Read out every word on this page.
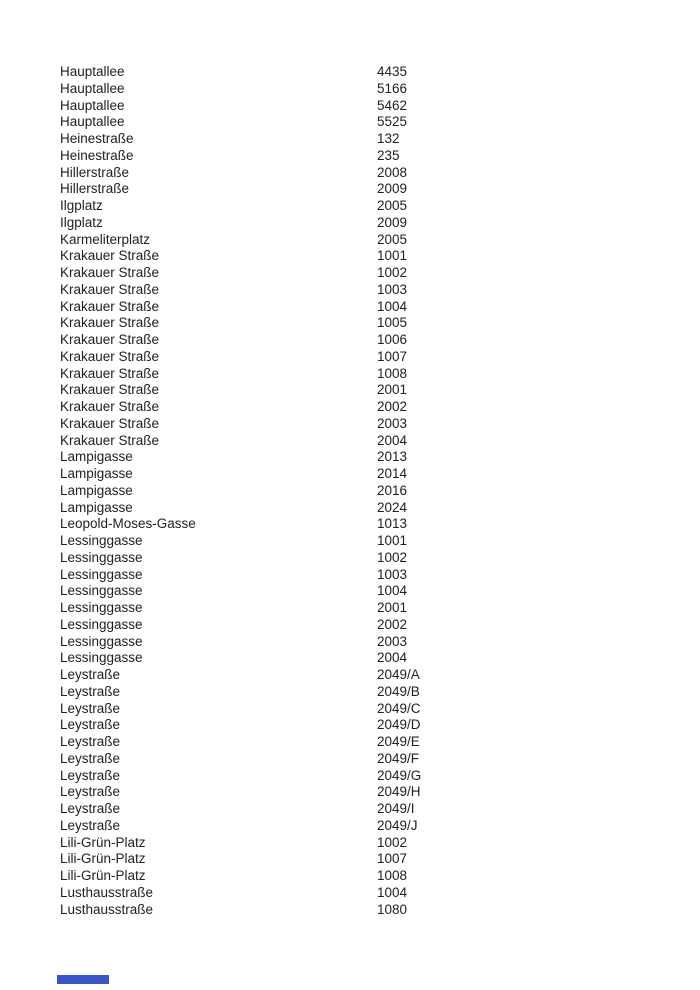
Hauptallee	4435
Hauptallee	5166
Hauptallee	5462
Hauptallee	5525
Heinestraße	132
Heinestraße	235
Hillerstraße	2008
Hillerstraße	2009
Ilgplatz	2005
Ilgplatz	2009
Karmeliterplatz	2005
Krakauer Straße	1001
Krakauer Straße	1002
Krakauer Straße	1003
Krakauer Straße	1004
Krakauer Straße	1005
Krakauer Straße	1006
Krakauer Straße	1007
Krakauer Straße	1008
Krakauer Straße	2001
Krakauer Straße	2002
Krakauer Straße	2003
Krakauer Straße	2004
Lampigasse	2013
Lampigasse	2014
Lampigasse	2016
Lampigasse	2024
Leopold-Moses-Gasse	1013
Lessinggasse	1001
Lessinggasse	1002
Lessinggasse	1003
Lessinggasse	1004
Lessinggasse	2001
Lessinggasse	2002
Lessinggasse	2003
Lessinggasse	2004
Leystraße	2049/A
Leystraße	2049/B
Leystraße	2049/C
Leystraße	2049/D
Leystraße	2049/E
Leystraße	2049/F
Leystraße	2049/G
Leystraße	2049/H
Leystraße	2049/I
Leystraße	2049/J
Lili-Grün-Platz	1002
Lili-Grün-Platz	1007
Lili-Grün-Platz	1008
Lusthausstraße	1004
Lusthausstraße	1080
